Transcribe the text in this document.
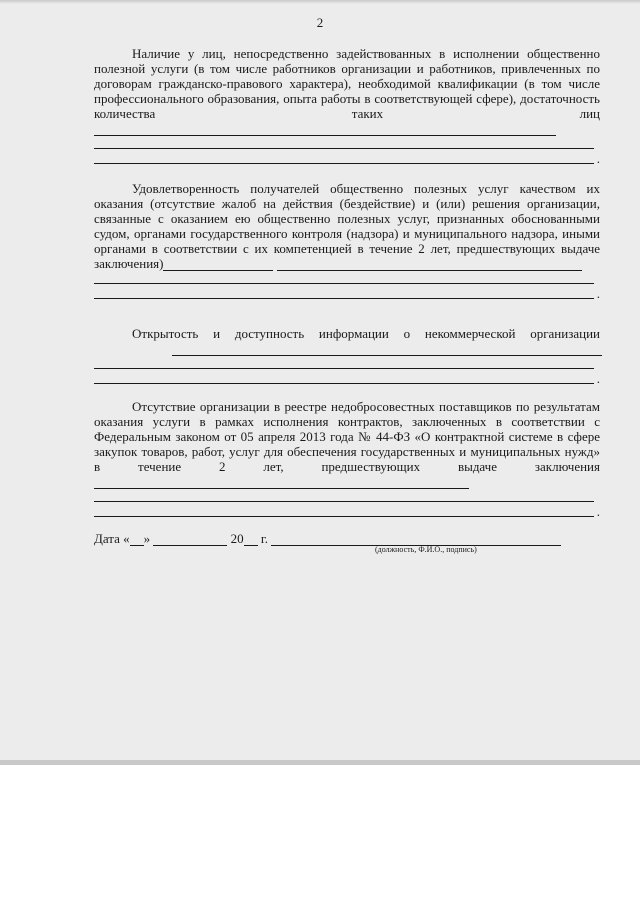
2

Наличие у лиц, непосредственно задействованных в исполнении общественно полезной услуги (в том числе работников организации и работников, привлеченных по договорам гражданско-правового характера), необходимой квалификации (в том числе профессионального образования, опыта работы в соответствующей сфере), достаточность количества таких лиц

.

Удовлетворенность получателей общественно полезных услуг качеством их оказания (отсутствие жалоб на действия (бездействие) и (или) решения организации, связанные с оказанием ею общественно полезных услуг, признанных обоснованными судом, органами государственного контроля (надзора) и муниципального надзора, иными органами в соответствии с их компетенцией в течение 2 лет, предшествующих выдаче заключения)

.

Открытость и доступность информации о некоммерческой организации

.

Отсутствие организации в реестре недобросовестных поставщиков по результатам оказания услуги в рамках исполнения контрактов, заключенных в соответствии с Федеральным законом от 05 апреля 2013 года № 44-ФЗ «О контрактной системе в сфере закупок товаров, работ, услуг для обеспечения государственных и муниципальных нужд» в течение 2 лет, предшествующих выдаче заключения

.
Дата « »	20 г.
(должность, Ф.И.О., подпись)
